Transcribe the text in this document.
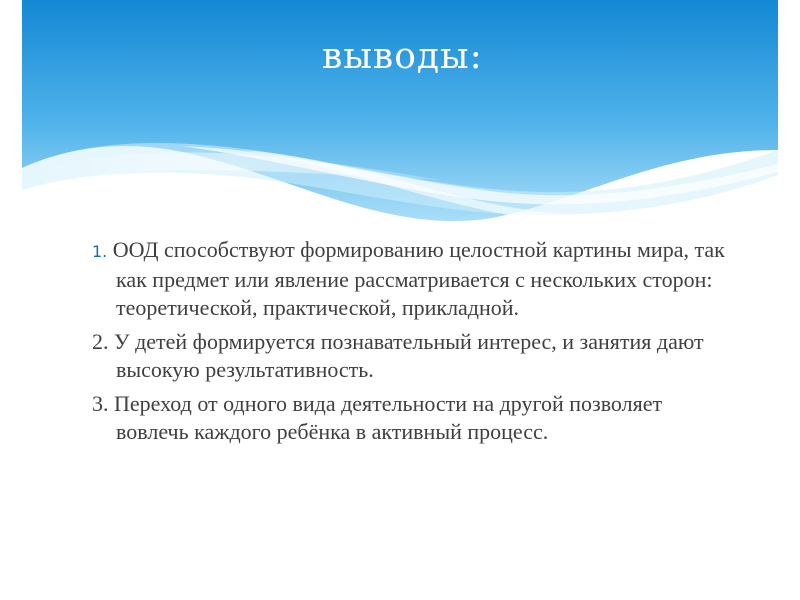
выводы:

1. ООД способствуют формированию целостной картины мира, так как предмет или явление рассматривается с нескольких сторон: теоретической, практической, прикладной.

2. У детей формируется познавательный интерес, и занятия дают высокую результативность.

3. Переход от одного вида деятельности на другой позволяет вовлечь каждого ребёнка в активный процесс.
